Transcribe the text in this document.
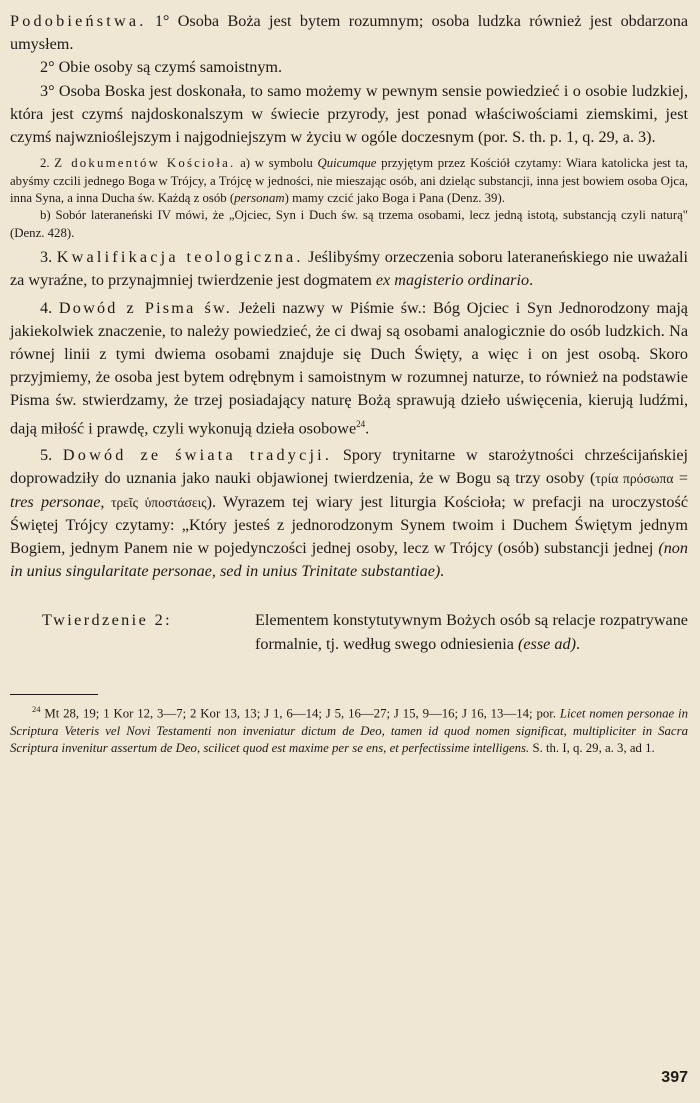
Podobieństwa. 1° Osoba Boża jest bytem rozumnym; osoba ludzka również jest obdarzona umysłem.

2° Obie osoby są czymś samoistnym.

3° Osoba Boska jest doskonała, to samo możemy w pewnym sensie powiedzieć i o osobie ludzkiej, która jest czymś najdoskonalszym w świecie przyrody, jest ponad właściwościami ziemskimi, jest czymś najwznioślejszym i najgodniejszym w życiu w ogóle doczesnym (por. S. th. p. 1, q. 29, a. 3).

2. Z dokumentów Kościoła. a) w symbolu Quicumque przyjętym przez Kościół czytamy: Wiara katolicka jest ta, abyśmy czcili jednego Boga w Trójcy, a Trójcę w jedności, nie mieszając osób, ani dzieląc substancji, inna jest bowiem osoba Ojca, inna Syna, a inna Ducha św. Każdą z osób (personam) mamy czcić jako Boga i Pana (Denz. 39).

b) Sobór lateraneński IV mówi, że „Ojciec, Syn i Duch św. są trzema osobami, lecz jedną istotą, substancją czyli naturą" (Denz. 428).

3. Kwalifikacja teologiczna. Jeślibyśmy orzeczenia soboru lateraneńskiego nie uważali za wyraźne, to przynajmniej twierdzenie jest dogmatem ex magisterio ordinario.

4. Dowód z Pisma św. Jeżeli nazwy w Piśmie św.: Bóg Ojciec i Syn Jednorodzony mają jakiekolwiek znaczenie, to należy powiedzieć, że ci dwaj są osobami analogicznie do osób ludzkich. Na równej linii z tymi dwiema osobami znajduje się Duch Święty, a więc i on jest osobą. Skoro przyjmiemy, że osoba jest bytem odrębnym i samoistnym w rozumnej naturze, to również na podstawie Pisma św. stwierdzamy, że trzej posiadający naturę Bożą sprawują dzieło uświęcenia, kierują ludźmi, dają miłość i prawdę, czyli wykonują dzieła osobowe$^{24}$.

5. Dowód ze świata tradycji. Spory trynitarne w starożytności chrześcijańskiej doprowadziły do uznania jako nauki objawionej twierdzenia, że w Bogu są trzy osoby (τρία πρόσωπα = tres personae, τρεῖς ὑποστάσεις). Wyrazem tej wiary jest liturgia Kościoła; w prefacji na uroczystość Świętej Trójcy czytamy: „Który jesteś z jednorodzonym Synem twoim i Duchem Świętym jednym Bogiem, jednym Panem nie w pojedynczości jednej osoby, lecz w Trójcy (osób) substancji jednej (non in unius singularitate personae, sed in unius Trinitate substantiae).

Twierdzenie 2:	Elementem konstytutywnym Bożych osób są relacje rozpatrywane formalnie, tj. według swego odniesienia (esse ad).

$^{24}$ Mt 28, 19; 1 Kor 12, 3—7; 2 Kor 13, 13; J 1, 6—14; J 5, 16—27; J 15, 9—16; J 16, 13—14; por. Licet nomen personae in Scriptura Veteris vel Novi Testamenti non inveniatur dictum de Deo, tamen id quod nomen significat, multipliciter in Sacra Scriptura invenitur assertum de Deo, scilicet quod est maxime per se ens, et perfectissime intelligens. S. th. I, q. 29, a. 3, ad 1.

397
